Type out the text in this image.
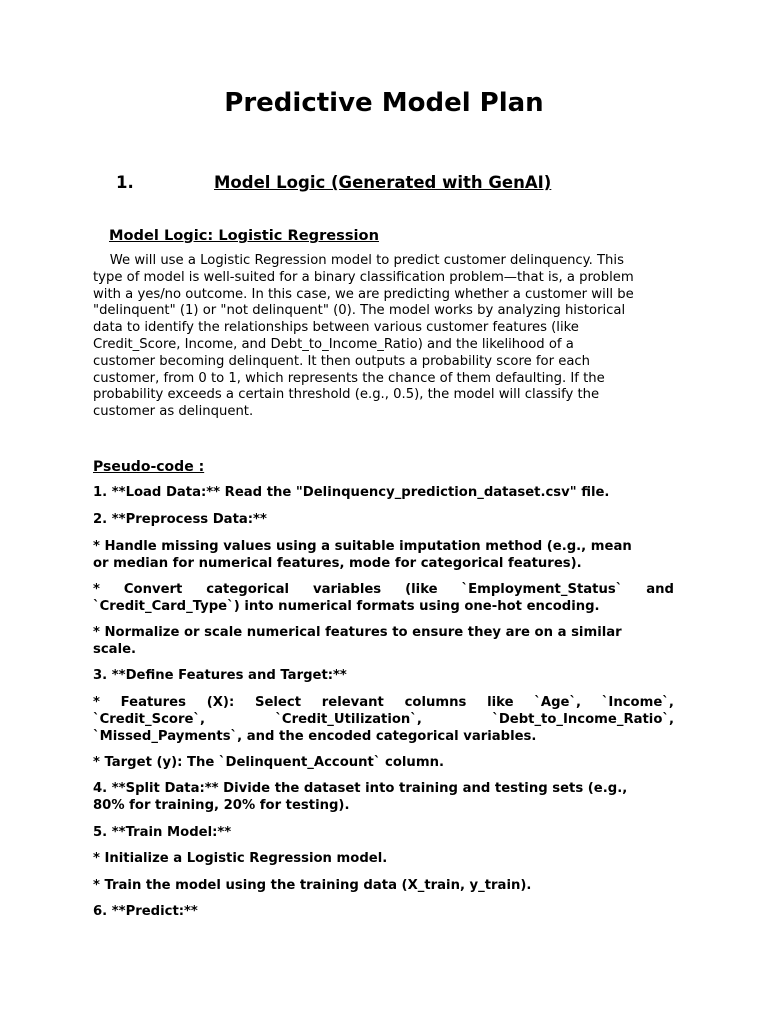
Predictive Model Plan
1.	Model Logic (Generated with GenAI)
Model Logic: Logistic Regression

We will use a Logistic Regression model to predict customer delinquency. This
type of model is well-suited for a binary classification problem—that is, a problem
with a yes/no outcome. In this case, we are predicting whether a customer will be
"delinquent" (1) or "not delinquent" (0). The model works by analyzing historical
data to identify the relationships between various customer features (like
Credit_Score, Income, and Debt_to_Income_Ratio) and the likelihood of a
customer becoming delinquent. It then outputs a probability score for each
customer, from 0 to 1, which represents the chance of them defaulting. If the
probability exceeds a certain threshold (e.g., 0.5), the model will classify the
customer as delinquent.

Pseudo-code :
1. **Load Data:** Read the "Delinquency_prediction_dataset.csv" file.
2. **Preprocess Data:**
* Handle missing values using a suitable imputation method (e.g., mean
or median for numerical features, mode for categorical features).
* Convert categorical variables (like `Employment_Status` and
`Credit_Card_Type`) into numerical formats using one-hot encoding.
* Normalize or scale numerical features to ensure they are on a similar
scale.
3. **Define Features and Target:**
* Features (X): Select relevant columns like `Age`, `Income`,
`Credit_Score`,	`Credit_Utilization`,	`Debt_to_Income_Ratio`,
`Missed_Payments`, and the encoded categorical variables.
* Target (y): The `Delinquent_Account` column.
4. **Split Data:** Divide the dataset into training and testing sets (e.g.,
80% for training, 20% for testing).
5. **Train Model:**
* Initialize a Logistic Regression model.
* Train the model using the training data (X_train, y_train).
6. **Predict:**
